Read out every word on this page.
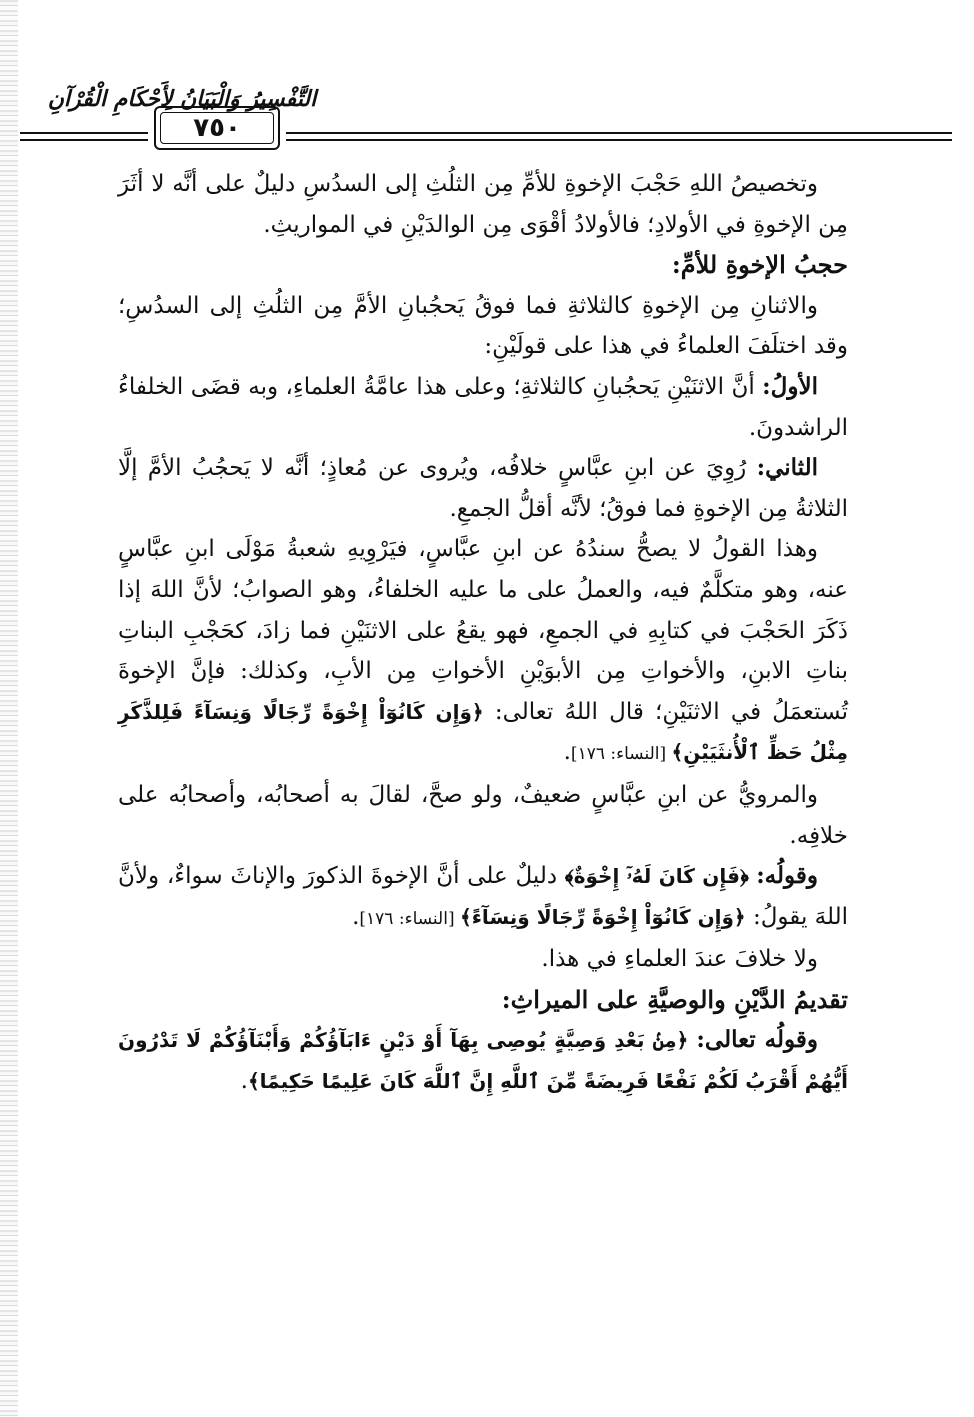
التَّفْسِيرُ وَالْبَيَانُ لِأَحْكَامِ الْقُرْآنِ
٧٥٠

وتخصيصُ اللهِ حَجْبَ الإخوةِ للأمِّ مِن الثلُثِ إلى السدُسِ دليلٌ على أنَّه لا أثَرَ مِن الإخوةِ في الأولادِ؛ فالأولادُ أقْوَى مِن الوالدَيْنِ في المواريثِ.

حجبُ الإخوةِ للأمِّ:

والاثنانِ مِن الإخوةِ كالثلاثةِ فما فوقُ يَحجُبانِ الأمَّ مِن الثلُثِ إلى السدُسِ؛ وقد اختلَفَ العلماءُ في هذا على قولَيْنِ:

الأولُ: أنَّ الاثنَيْنِ يَحجُبانِ كالثلاثةِ؛ وعلى هذا عامَّةُ العلماءِ، وبه قضَى الخلفاءُ الراشدونَ.

الثاني: رُوِيَ عن ابنِ عبَّاسٍ خلافُه، ويُروى عن مُعاذٍ؛ أنَّه لا يَحجُبُ الأمَّ إلَّا الثلاثةُ مِن الإخوةِ فما فوقُ؛ لأنَّه أقلُّ الجمعِ.

وهذا القولُ لا يصحُّ سندُهُ عن ابنِ عبَّاسٍ، فيَرْوِيهِ شعبةُ مَوْلَى ابنِ عبَّاسٍ عنه، وهو متكلَّمٌ فيه، والعملُ على ما عليه الخلفاءُ، وهو الصوابُ؛ لأنَّ اللهَ إذا ذَكَرَ الحَجْبَ في كتابِهِ في الجمعِ، فهو يقعُ على الاثنَيْنِ فما زادَ، كحَجْبِ البناتِ بناتِ الابنِ، والأخواتِ مِن الأبوَيْنِ الأخواتِ مِن الأبِ، وكذلك: فإنَّ الإخوةَ تُستعمَلُ في الاثنَيْنِ؛ قال اللهُ تعالى: ﴿وَإِن كَانُوٓاْ إِخْوَةً رِّجَالًا وَنِسَآءً فَلِلذَّكَرِ مِثْلُ حَظِّ ٱلْأُنثَيَيْنِ﴾ [النساء: ١٧٦].

والمرويُّ عن ابنِ عبَّاسٍ ضعيفٌ، ولو صحَّ، لقالَ به أصحابُه، وأصحابُه على خلافِه.

وقولُه: ﴿فَإِن كَانَ لَهُۥٓ إِخْوَةٌ﴾ دليلٌ على أنَّ الإخوةَ الذكورَ والإناثَ سواءٌ، ولأنَّ اللهَ يقولُ: ﴿وَإِن كَانُوٓاْ إِخْوَةً رِّجَالًا وَنِسَآءً﴾ [النساء: ١٧٦].

ولا خلافَ عندَ العلماءِ في هذا.

تقديمُ الدَّيْنِ والوصيَّةِ على الميراثِ:

وقولُه تعالى: ﴿مِنۢ بَعْدِ وَصِيَّةٍ يُوصِى بِهَآ أَوْ دَيْنٍ ءَابَآؤُكُمْ وَأَبْنَآؤُكُمْ لَا تَدْرُونَ أَيُّهُمْ أَقْرَبُ لَكُمْ نَفْعًا فَرِيضَةً مِّنَ ٱللَّهِ إِنَّ ٱللَّهَ كَانَ عَلِيمًا حَكِيمًا﴾.
